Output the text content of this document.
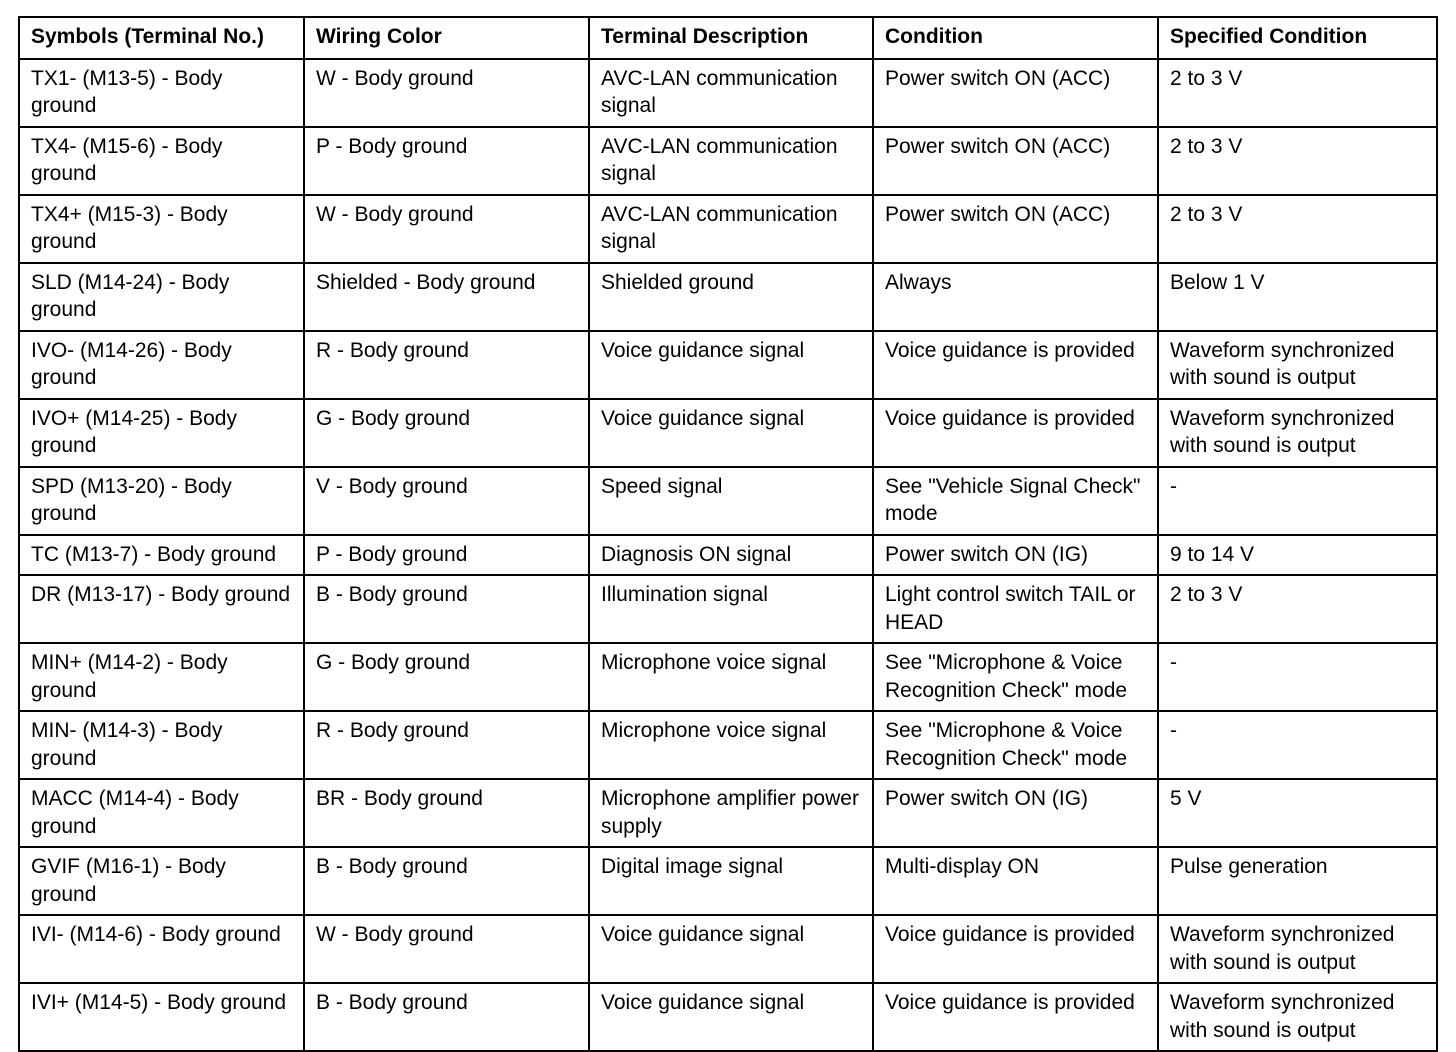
Symbols (Terminal No.)	Wiring Color	Terminal Description	Condition	Specified Condition
TX1- (M13-5) - Body ground	W - Body ground	AVC-LAN communication signal	Power switch ON (ACC)	2 to 3 V
TX4- (M15-6) - Body ground	P - Body ground	AVC-LAN communication signal	Power switch ON (ACC)	2 to 3 V
TX4+ (M15-3) - Body ground	W - Body ground	AVC-LAN communication signal	Power switch ON (ACC)	2 to 3 V
SLD (M14-24) - Body ground	Shielded - Body ground	Shielded ground	Always	Below 1 V
IVO- (M14-26) - Body ground	R - Body ground	Voice guidance signal	Voice guidance is provided	Waveform synchronized with sound is output
IVO+ (M14-25) - Body ground	G - Body ground	Voice guidance signal	Voice guidance is provided	Waveform synchronized with sound is output
SPD (M13-20) - Body ground	V - Body ground	Speed signal	See "Vehicle Signal Check" mode	-
TC (M13-7) - Body ground	P - Body ground	Diagnosis ON signal	Power switch ON (IG)	9 to 14 V
DR (M13-17) - Body ground	B - Body ground	Illumination signal	Light control switch TAIL or HEAD	2 to 3 V
MIN+ (M14-2) - Body ground	G - Body ground	Microphone voice signal	See "Microphone & Voice Recognition Check" mode	-
MIN- (M14-3) - Body ground	R - Body ground	Microphone voice signal	See "Microphone & Voice Recognition Check" mode	-
MACC (M14-4) - Body ground	BR - Body ground	Microphone amplifier power supply	Power switch ON (IG)	5 V
GVIF (M16-1) - Body ground	B - Body ground	Digital image signal	Multi-display ON	Pulse generation
IVI- (M14-6) - Body ground	W - Body ground	Voice guidance signal	Voice guidance is provided	Waveform synchronized with sound is output
IVI+ (M14-5) - Body ground	B - Body ground	Voice guidance signal	Voice guidance is provided	Waveform synchronized with sound is output
